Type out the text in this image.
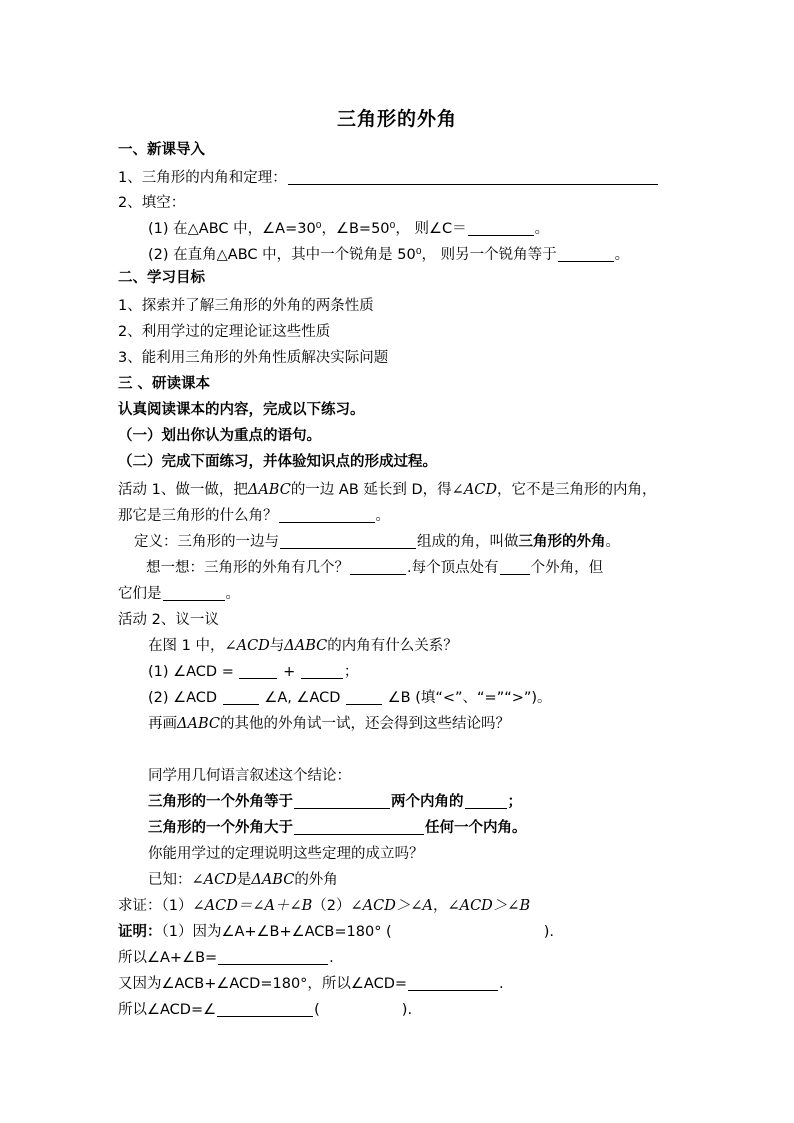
三角形的外角
一、新课导入
1、三角形的内角和定理：
2、填空：
(1) 在△ABC 中，∠A=30⁰，∠B=50⁰， 则∠C＝	。
(2) 在直角△ABC 中，其中一个锐角是 50⁰， 则另一个锐角等于	。
二、学习目标
1、探索并了解三角形的外角的两条性质
2、利用学过的定理论证这些性质
3、能利用三角形的外角性质解决实际问题
三 、研读课本
认真阅读课本的内容，完成以下练习。
（一）划出你认为重点的语句。
（二）完成下面练习，并体验知识点的形成过程。
活动 1、做一做，把ΔABC的一边 AB 延长到 D，得∠ACD，它不是三角形的内角，
那它是三角形的什么角？	。
定义：三角形的一边与	组成的角，叫做三角形的外角。
想一想：三角形的外角有几个？	.每个顶点处有 个外角，但
它们是	。
活动 2、议一议
在图 1 中，∠ACD与ΔABC的内角有什么关系？
(1) ∠ACD =	+	；
(2) ∠ACD	∠A, ∠ACD	∠B (填“<”、“=”“>”)。
再画ΔABC的其他的外角试一试，还会得到这些结论吗？
同学用几何语言叙述这个结论：
三角形的一个外角等于	两个内角的	；
三角形的一个外角大于	任何一个内角。
你能用学过的定理说明这些定理的成立吗？
已知：∠ACD是ΔABC的外角
求证：（1）∠ACD＝∠A＋∠B（2）∠ACD＞∠A，∠ACD＞∠B
证明：（1）因为∠A+∠B+∠ACB=180° (	).
所以∠A+∠B=	.
又因为∠ACB+∠ACD=180°，所以∠ACD=	.
所以∠ACD=∠	(	).
